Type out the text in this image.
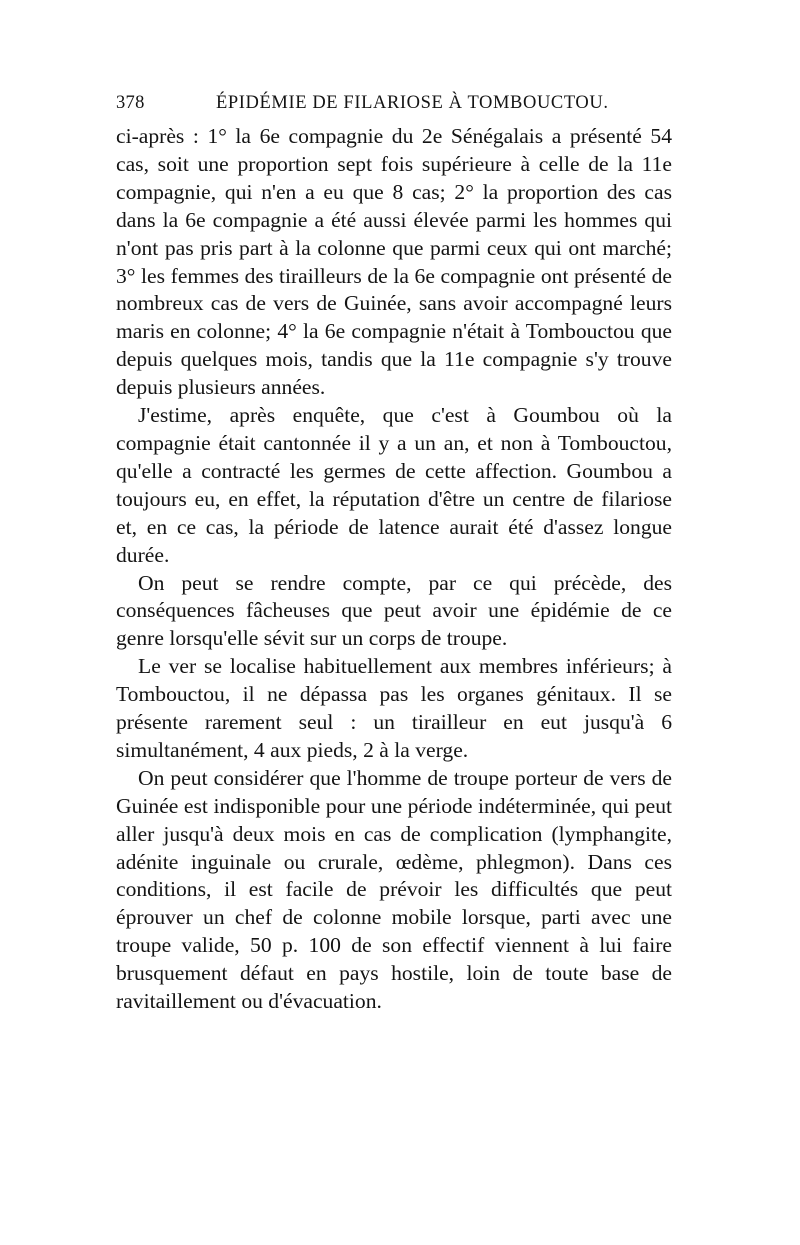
378	ÉPIDÉMIE DE FILARIOSE À TOMBOUCTOU.

ci-après : 1° la 6e compagnie du 2e Sénégalais a présenté 54 cas, soit une proportion sept fois supérieure à celle de la 11e compagnie, qui n'en a eu que 8 cas; 2° la proportion des cas dans la 6e compagnie a été aussi élevée parmi les hommes qui n'ont pas pris part à la colonne que parmi ceux qui ont marché; 3° les femmes des tirailleurs de la 6e compagnie ont présenté de nombreux cas de vers de Guinée, sans avoir accompagné leurs maris en colonne; 4° la 6e compagnie n'était à Tombouctou que depuis quelques mois, tandis que la 11e compagnie s'y trouve depuis plusieurs années.

J'estime, après enquête, que c'est à Goumbou où la compagnie était cantonnée il y a un an, et non à Tombouctou, qu'elle a contracté les germes de cette affection. Goumbou a toujours eu, en effet, la réputation d'être un centre de filariose et, en ce cas, la période de latence aurait été d'assez longue durée.

On peut se rendre compte, par ce qui précède, des conséquences fâcheuses que peut avoir une épidémie de ce genre lorsqu'elle sévit sur un corps de troupe.

Le ver se localise habituellement aux membres inférieurs; à Tombouctou, il ne dépassa pas les organes génitaux. Il se présente rarement seul : un tirailleur en eut jusqu'à 6 simultanément, 4 aux pieds, 2 à la verge.

On peut considérer que l'homme de troupe porteur de vers de Guinée est indisponible pour une période indéterminée, qui peut aller jusqu'à deux mois en cas de complication (lymphangite, adénite inguinale ou crurale, œdème, phlegmon). Dans ces conditions, il est facile de prévoir les difficultés que peut éprouver un chef de colonne mobile lorsque, parti avec une troupe valide, 50 p. 100 de son effectif viennent à lui faire brusquement défaut en pays hostile, loin de toute base de ravitaillement ou d'évacuation.
